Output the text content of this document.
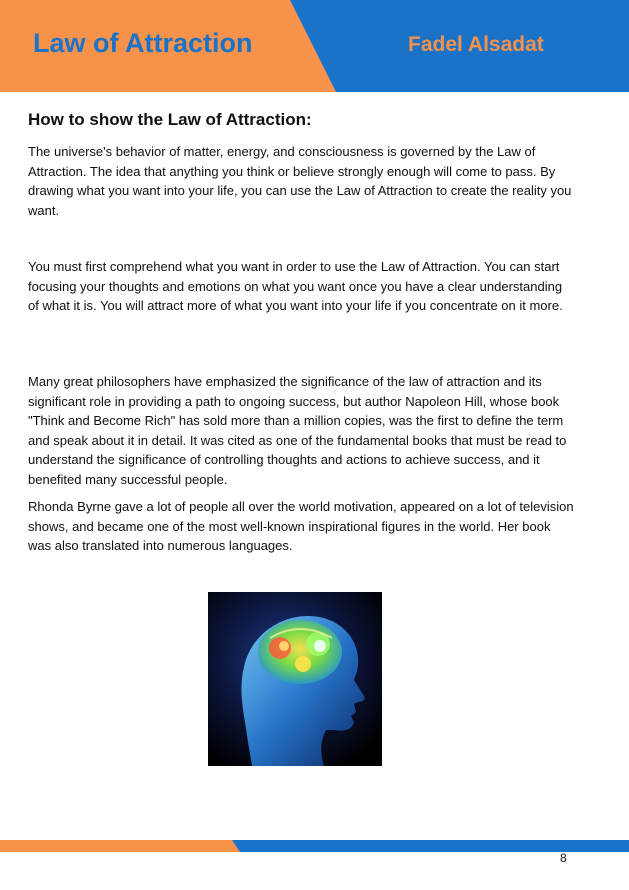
Law of Attraction	Fadel Alsadat
How to show the Law of Attraction:
The universe's behavior of matter, energy, and consciousness is governed by the Law of Attraction. The idea that anything you think or believe strongly enough will come to pass. By drawing what you want into your life, you can use the Law of Attraction to create the reality you want.
You must first comprehend what you want in order to use the Law of Attraction. You can start focusing your thoughts and emotions on what you want once you have a clear understanding of what it is. You will attract more of what you want into your life if you concentrate on it more.
Many great philosophers have emphasized the significance of the law of attraction and its significant role in providing a path to ongoing success, but author Napoleon Hill, whose book "Think and Become Rich" has sold more than a million copies, was the first to define the term and speak about it in detail. It was cited as one of the fundamental books that must be read to understand the significance of controlling thoughts and actions to achieve success, and it benefited many successful people.
Rhonda Byrne gave a lot of people all over the world motivation, appeared on a lot of television shows, and became one of the most well-known inspirational figures in the world. Her book was also translated into numerous languages.
8
